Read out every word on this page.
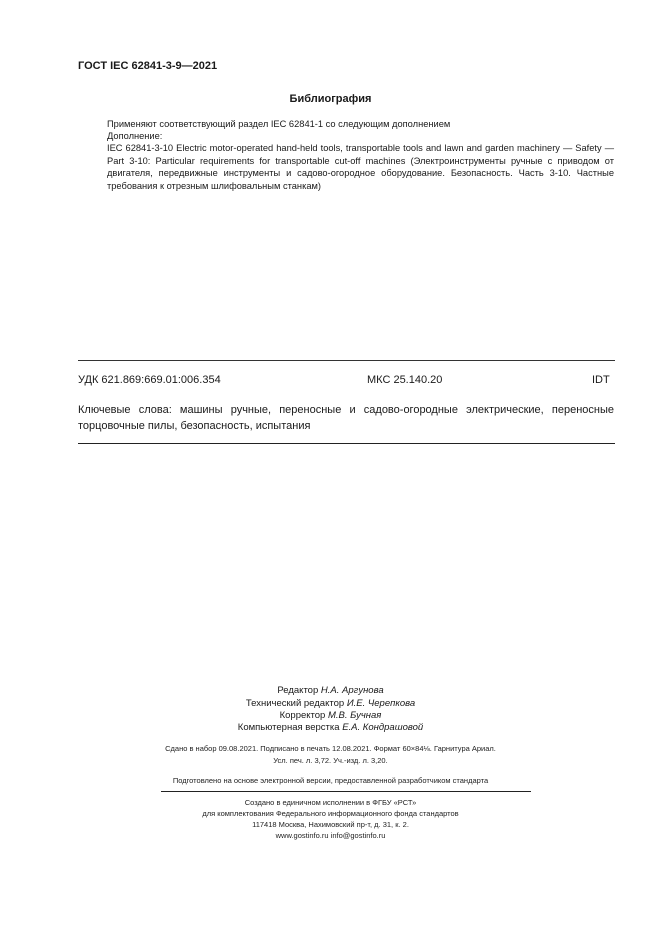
ГОСТ IEC 62841-3-9—2021
Библиография
Применяют соответствующий раздел IEC 62841-1 со следующим дополнением
Дополнение:
IEC 62841-3-10 Electric motor-operated hand-held tools, transportable tools and lawn and garden machinery — Safety — Part 3-10: Particular requirements for transportable cut-off machines (Электроинструменты ручные с приводом от двигателя, передвижные инструменты и садово-огородное оборудование. Безопасность. Часть 3-10. Частные требования к отрезным шлифовальным станкам)
УДК 621.869:669.01:006.354	МКС 25.140.20	IDT
Ключевые слова: машины ручные, переносные и садово-огородные электрические, переносные торцовочные пилы, безопасность, испытания
Редактор Н.А. Аргунова
Технический редактор И.Е. Черепкова
Корректор М.В. Бучная
Компьютерная верстка Е.А. Кондрашовой
Сдано в набор 09.08.2021. Подписано в печать 12.08.2021. Формат 60×84⅛. Гарнитура Ариал.
Усл. печ. л. 3,72. Уч.-изд. л. 3,20.
Подготовлено на основе электронной версии, предоставленной разработчиком стандарта
Создано в единичном исполнении в ФГБУ «РСТ»
для комплектования Федерального информационного фонда стандартов
117418 Москва, Нахимовский пр-т, д. 31, к. 2.
www.gostinfo.ru info@gostinfo.ru
